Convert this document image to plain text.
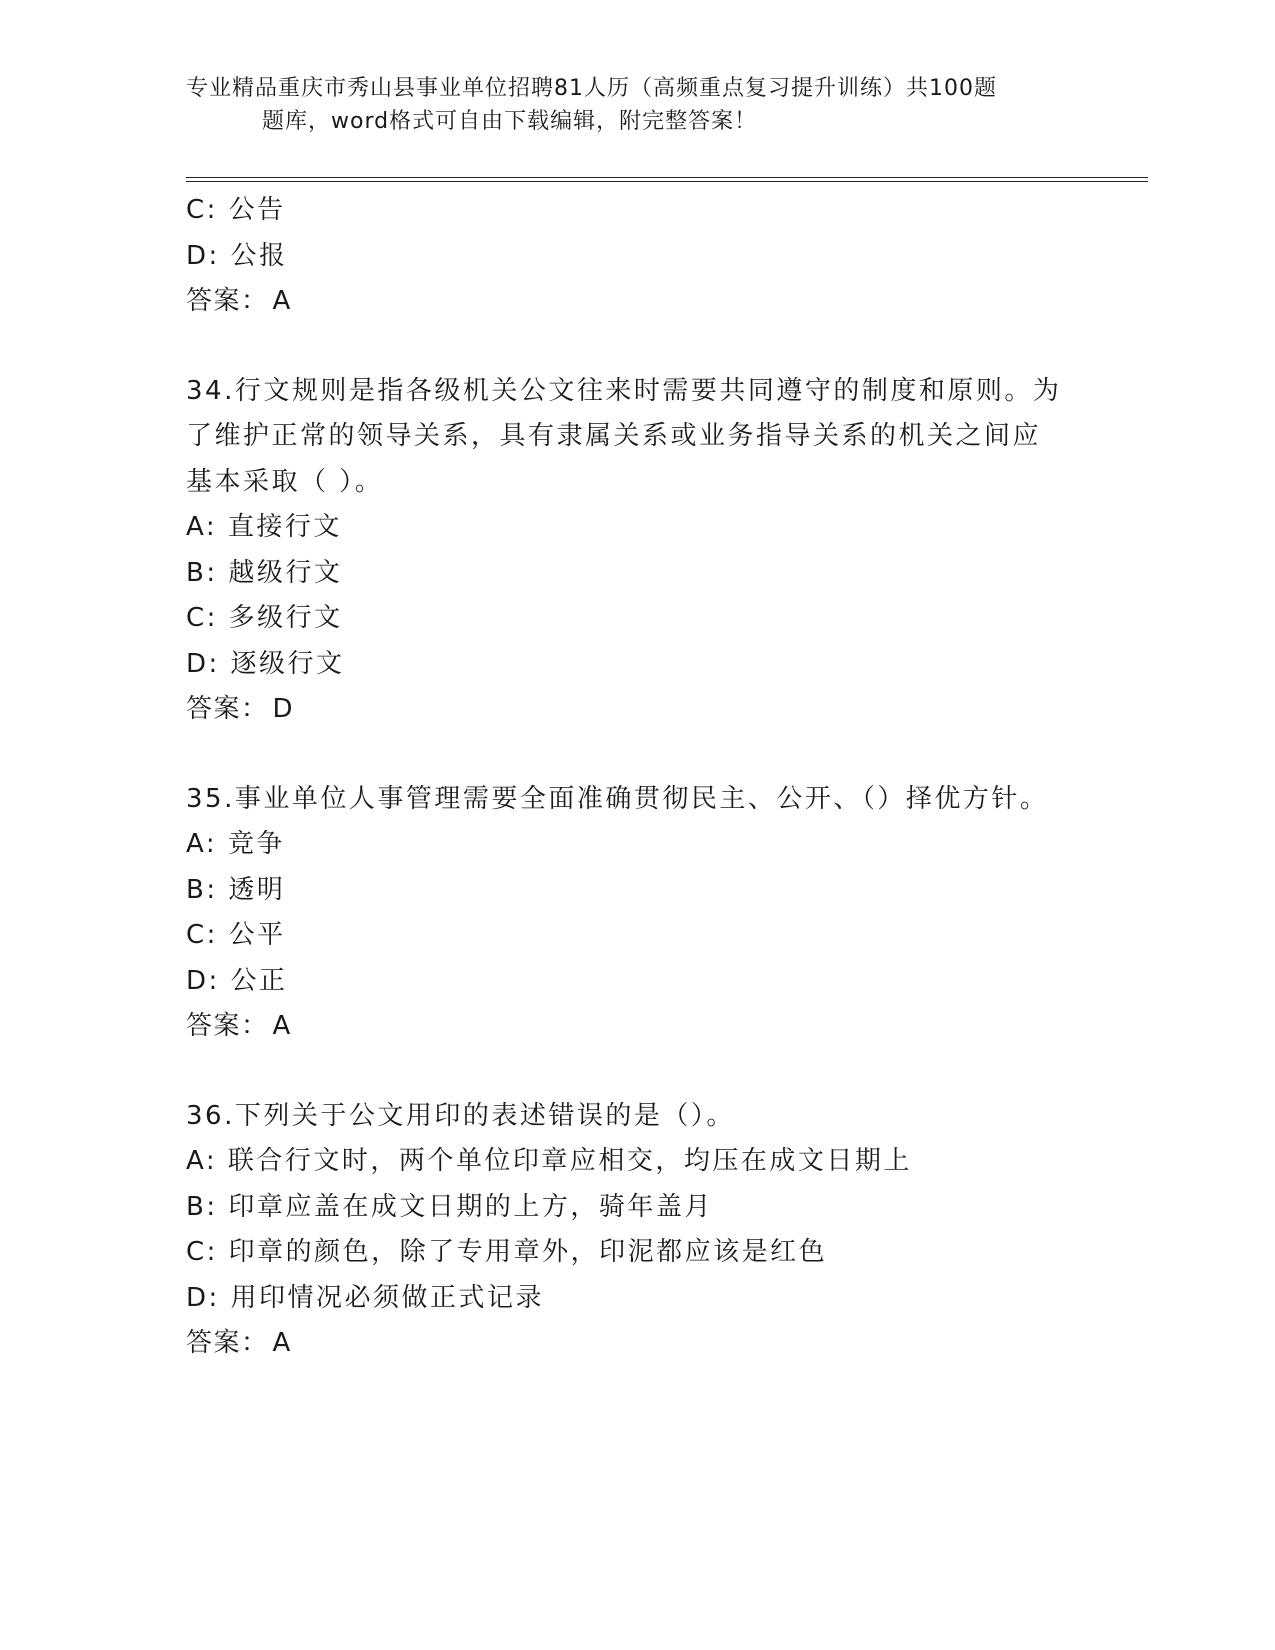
专业精品重庆市秀山县事业单位招聘81人历（高频重点复习提升训练）共100题
题库，word格式可自由下载编辑，附完整答案！
C: 公告
D: 公报
答案： A
34.行文规则是指各级机关公文往来时需要共同遵守的制度和原则。为
了维护正常的领导关系，具有隶属关系或业务指导关系的机关之间应
基本采取（ ）。
A: 直接行文
B: 越级行文
C: 多级行文
D: 逐级行文
答案： D
35.事业单位人事管理需要全面准确贯彻民主、公开、（）择优方针。
A: 竞争
B: 透明
C: 公平
D: 公正
答案： A
36.下列关于公文用印的表述错误的是（）。
A: 联合行文时，两个单位印章应相交，均压在成文日期上
B: 印章应盖在成文日期的上方，骑年盖月
C: 印章的颜色，除了专用章外，印泥都应该是红色
D: 用印情况必须做正式记录
答案： A
